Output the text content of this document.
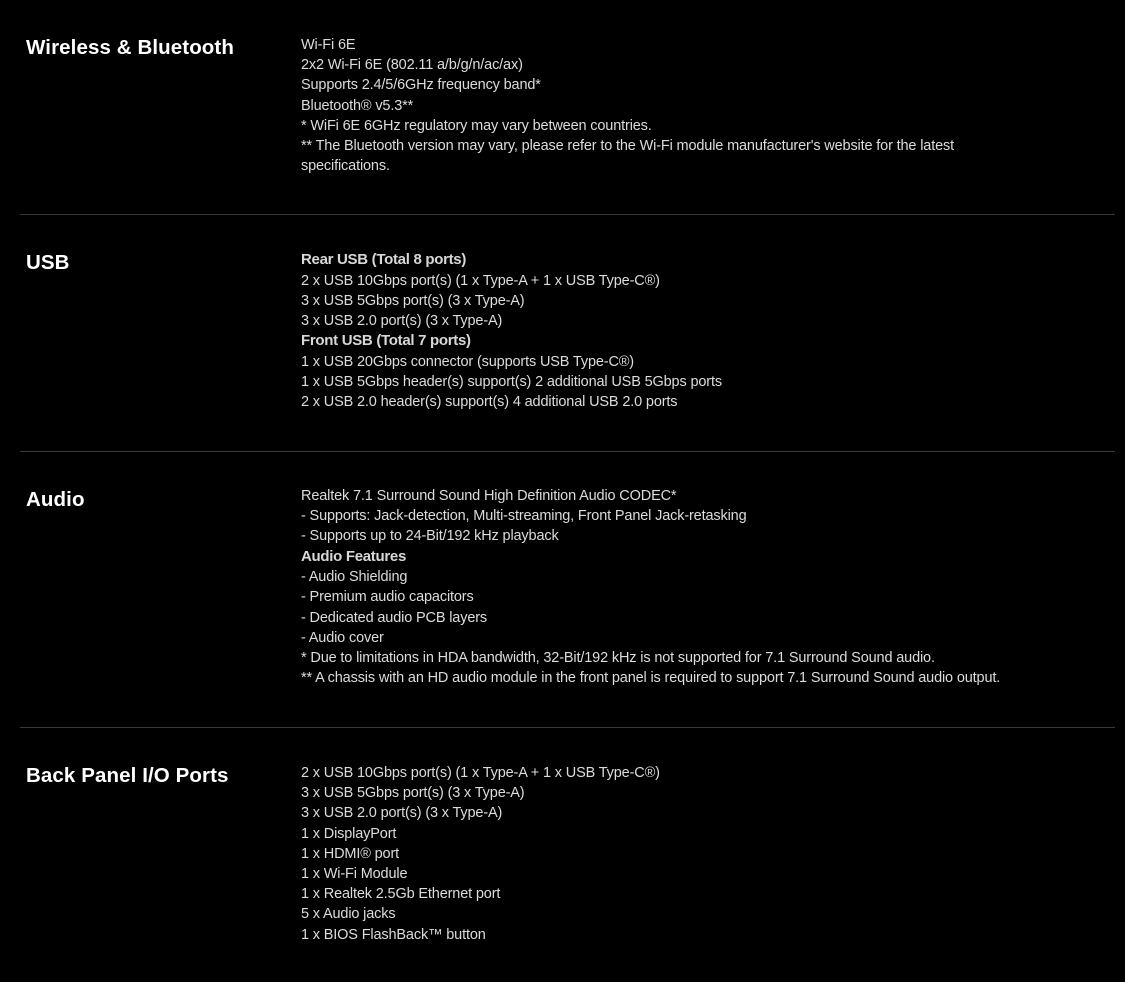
Wireless & Bluetooth	Wi-Fi 6E
2x2 Wi-Fi 6E (802.11 a/b/g/n/ac/ax)
Supports 2.4/5/6GHz frequency band*
Bluetooth® v5.3**
* WiFi 6E 6GHz regulatory may vary between countries.
** The Bluetooth version may vary, please refer to the Wi-Fi module manufacturer's website for the latest
specifications.
USB	Rear USB (Total 8 ports)
2 x USB 10Gbps port(s) (1 x Type-A + 1 x USB Type-C®)
3 x USB 5Gbps port(s) (3 x Type-A)
3 x USB 2.0 port(s) (3 x Type-A)
Front USB (Total 7 ports)
1 x USB 20Gbps connector (supports USB Type-C®)
1 x USB 5Gbps header(s) support(s) 2 additional USB 5Gbps ports
2 x USB 2.0 header(s) support(s) 4 additional USB 2.0 ports
Audio	Realtek 7.1 Surround Sound High Definition Audio CODEC*
- Supports: Jack-detection, Multi-streaming, Front Panel Jack-retasking
- Supports up to 24-Bit/192 kHz playback
Audio Features
- Audio Shielding
- Premium audio capacitors
- Dedicated audio PCB layers
- Audio cover
* Due to limitations in HDA bandwidth, 32-Bit/192 kHz is not supported for 7.1 Surround Sound audio.
** A chassis with an HD audio module in the front panel is required to support 7.1 Surround Sound audio output.
Back Panel I/O Ports	2 x USB 10Gbps port(s) (1 x Type-A + 1 x USB Type-C®)
3 x USB 5Gbps port(s) (3 x Type-A)
3 x USB 2.0 port(s) (3 x Type-A)
1 x DisplayPort
1 x HDMI® port
1 x Wi-Fi Module
1 x Realtek 2.5Gb Ethernet port
5 x Audio jacks
1 x BIOS FlashBack™ button
